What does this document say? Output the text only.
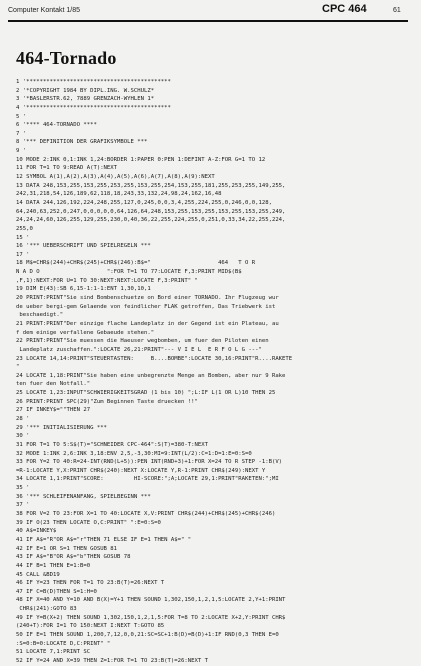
Computer Kontakt 1/85	CPC 464	61
464-Tornado
1 '*******************************************
2 '*COPYRIGHT 1984 BY DIPL.ING. W.SCHULZ*
3 '*BASLERSTR.62, 7889 GRENZACH-WYHLEN 1*
4 '*******************************************
5 '
6 '**** 464-TORNADO ****
7 '
8 '*** DEFINITION DER GRAFIKSYMBOLE ***
9 '
10 MODE 2:INK 0,1:INK 1,24:BORDER 1:PAPER 0:PEN 1:DEFINT A-Z:FOR G=1 TO 12
11 FOR T=1 TO 9:READ A(T):NEXT
12 SYMBOL A(1),A(2),A(3),A(4),A(5),A(6),A(7),A(8),A(9):NEXT
13 DATA 248,153,255,153,255,253,255,153,255,254,153,255,181,255,253,255,149,255,
242,31,218,54,126,189,62,118,18,243,33,132,24,98,24,162,16,48
14 DATA 244,126,192,224,248,255,127,0,245,0,0,3,4,255,224,255,0,246,0,0,128,
64,240,63,252,0,247,0,0,0,0,0,64,126,64,248,153,255,153,255,153,255,153,255,249,
24,24,24,60,126,255,129,255,230,0,40,36,22,255,224,255,0,251,0,33,34,22,255,224,
255,0
15 '
16 '*** UEBERSCHRIFT UND SPIELREGELN ***
17 '
18 M$=CHR$(244)+CHR$(245)+CHR$(246):B$="                    464   T O R
N A D O                    ":FOR T=1 TO 77:LOCATE F,3:PRINT MID$(B$
,F,1):NEXT:FOR U=1 TO 30:NEXT:NEXT:LOCATE F,3:PRINT" "
19 DIM E(43):SB 6,15-1:1-1:ENT 1,30,10,1
20 PRINT:PRINT"Sie sind Bombenschuetze on Bord einer TORNADO. Ihr Flugzeug wur
de ueber bergi-gem Gelaende von feindlicher FLAK getroffen, Das Triebwerk ist
beschaedigt."
21 PRINT:PRINT"Der einzige flache Landeplatz in der Gegend ist ein Plateau, au
f dem einige verfallene Gebaeude stehen."
22 PRINT:PRINT"Sie muessen die Haeuser wegbomben, um fuer den Piloten einen
Landeplatz zuschaffen.":LOCATE 26,21:PRINT"--- V I E L  E R F O L G ---"
23 LOCATE 14,14:PRINT"STEUERTASTEN:     B....BOMBE":LOCATE 30,16:PRINT"R....RAKETE
"
24 LOCATE 1,18:PRINT"Sie haben eine unbegrenzte Menge an Bomben, aber nur 9 Rake
ten fuer den Notfall."
25 LOCATE 1,23:INPUT"SCHWIERIGKEITSGRAD (1 bis 10) ";L:IF L(1 OR L)10 THEN 25
26 PRINT:PRINT SPC(29)"Zum Beginnen Taste druecken !!"
27 IF INKEY$=""THEN 27
28 '
29 '*** INITIALISIERUNG ***
30 '
31 FOR T=1 TO 5:S$(T)="SCHNEIDER CPC-464":S(T)=380-T:NEXT
32 MODE 1:INK 2,6:INK 3,18:ENV 2,5,-3,30:MI=9:INT(L/2):C=1:D=1:E=0:S=0
33 FOR Y=2 TO 40:R=24-INT(RND(L+5)):PEN INT(RND+3)+1:FOR X=24 TO R STEP -1:B(V)
=R-1:LOCATE Y,X:PRINT CHR$(240):NEXT X:LOCATE Y,R-1:PRINT CHR$(249):NEXT Y
34 LOCATE 1,1:PRINT"SCORE:         HI-SCORE:";A;LOCATE 29,1:PRINT"RAKETEN:";MI
35 '
36 '*** SCHLEIFENANFANG, SPIELBEGINN ***
37 '
38 FOR V=2 TO 23:FOR X=1 TO 40:LOCATE X,V:PRINT CHR$(244)+CHR$(245)+CHR$(246)
39 IF O(23 THEN LOCATE O,C:PRINT" ":E=0:S=0
40 A$=INKEY$
41 IF A$="R"OR A$="r"THEN 71 ELSE IF E=1 THEN A$=" "
42 IF E=1 OR S=1 THEN GOSUB 81
43 IF A$="B"OR A$="b"THEN GOSUB 78
44 IF B=1 THEN E=1:B=0
45 CALL &BD19
46 IF Y=23 THEN FOR T=1 TO 23:B(T)=26:NEXT T
47 IF C=B(D)THEN S=1:H=0
48 IF X=40 AND Y=10 AND B(X)=Y+1 THEN SOUND 1,302,150,1,2,1,5:LOCATE 2,Y+1:PRINT
CHR$(241):GOTO 83
49 IF Y=B(X+2) THEN SOUND 1,302,150,1,2,1,5:FOR T=8 TO 2:LOCATE X+2,Y:PRINT CHR$
(240+T):FOR I=1 TO 150:NEXT I:NEXT T:GOTO 85
50 IF E=1 THEN SOUND 1,200,7,12,0,0,21:SC=SC+1:B(D)=B(D)+1:IF RND(0,3 THEN E=0
:S=0:B=0:LOCATE D,C:PRINT" "
51 LOCATE 7,1:PRINT SC
52 IF Y=24 AND X=39 THEN Z=1:FOR T=1 TO 23:B(T)=26:NEXT T
